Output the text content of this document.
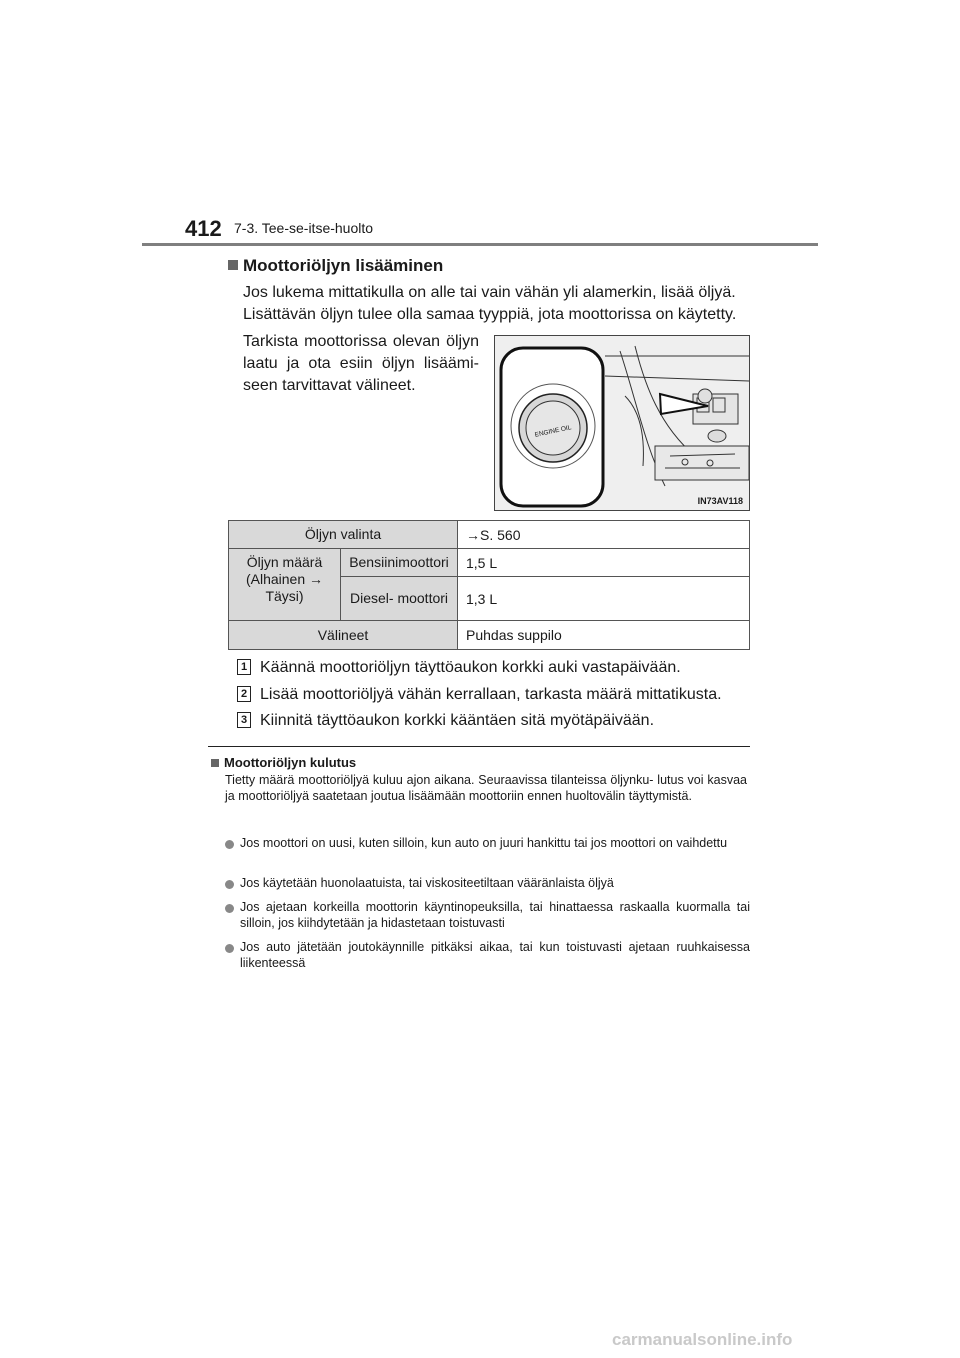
412 7-3. Tee-se-itse-huolto
Moottoriöljyn lisääminen
Jos lukema mittatikulla on alle tai vain vähän yli alamerkin, lisää öljyä. Lisättävän öljyn tulee olla samaa tyyppiä, jota moottorissa on käytetty.
Tarkista moottorissa olevan öljyn laatu ja ota esiin öljyn lisäämi- seen tarvittavat välineet.
ENGINE OIL
IN73AV118
Öljyn valinta		→S. 560
Öljyn määrä (Alhainen → Täysi)	Bensiinimoottori	1,5 L
	Diesel- moottori	1,3 L
Välineet		Puhdas suppilo
1 Käännä moottoriöljyn täyttöaukon korkki auki vastapäivään.
2 Lisää moottoriöljyä vähän kerrallaan, tarkasta määrä mittatikusta.
3 Kiinnitä täyttöaukon korkki kääntäen sitä myötäpäivään.
Moottoriöljyn kulutus
Tietty määrä moottoriöljyä kuluu ajon aikana. Seuraavissa tilanteissa öljynku- lutus voi kasvaa ja moottoriöljyä saatetaan joutua lisäämään moottoriin ennen huoltovälin täyttymistä.
Jos moottori on uusi, kuten silloin, kun auto on juuri hankittu tai jos moottori on vaihdettu
Jos käytetään huonolaatuista, tai viskositeetiltaan vääränlaista öljyä
Jos ajetaan korkeilla moottorin käyntinopeuksilla, tai hinattaessa raskaalla kuormalla tai silloin, jos kiihdytetään ja hidastetaan toistuvasti
Jos auto jätetään joutokäynnille pitkäksi aikaa, tai kun toistuvasti ajetaan ruuhkaisessa liikenteessä
carmanualsonline.info
